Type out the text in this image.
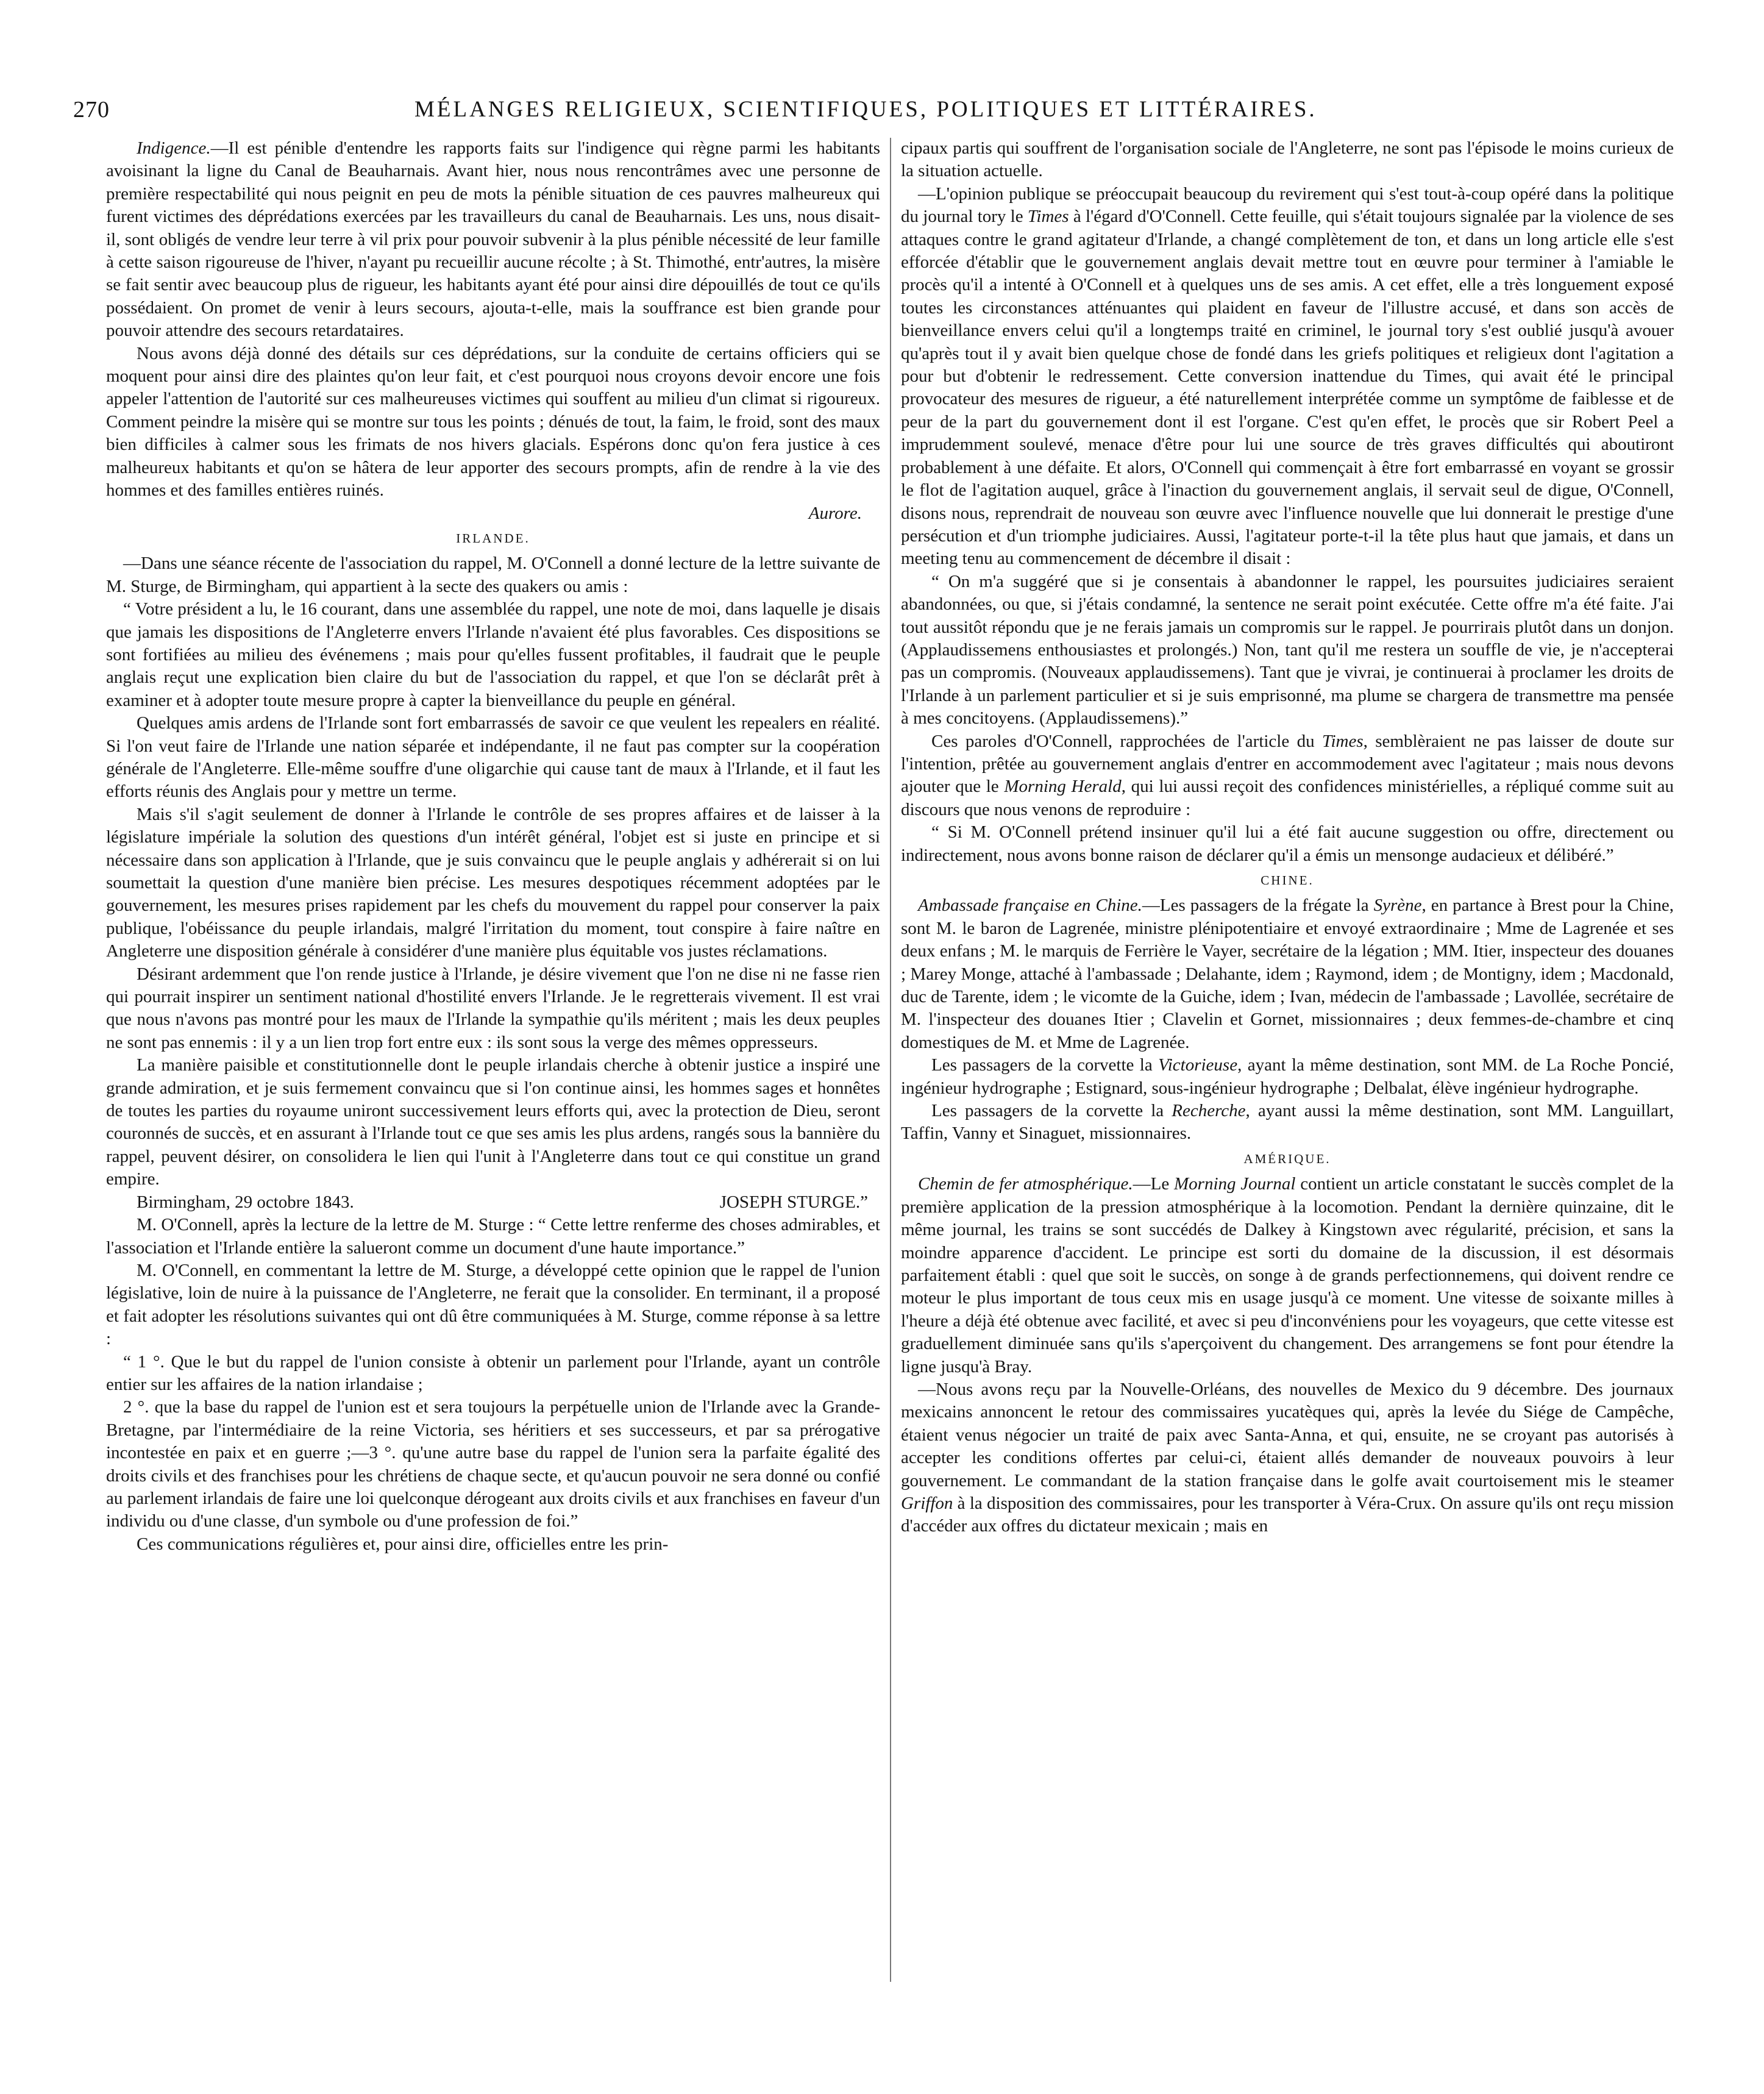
270	MÉLANGES RELIGIEUX, SCIENTIFIQUES, POLITIQUES ET LITTÉRAIRES.

Indigence.—Il est pénible d'entendre les rapports faits sur l'indigence qui règne parmi les habitants avoisinant la ligne du Canal de Beauharnais. Avant hier, nous nous rencontrâmes avec une personne de première respectabilité qui nous peignit en peu de mots la pénible situation de ces pauvres malheureux qui furent victimes des déprédations exercées par les travailleurs du canal de Beauharnais. Les uns, nous disait-il, sont obligés de vendre leur terre à vil prix pour pouvoir subvenir à la plus pénible nécessité de leur famille à cette saison rigoureuse de l'hiver, n'ayant pu recueillir aucune récolte ; à St. Thimothé, entr'autres, la misère se fait sentir avec beaucoup plus de rigueur, les habitants ayant été pour ainsi dire dépouillés de tout ce qu'ils possédaient. On promet de venir à leurs secours, ajouta-t-elle, mais la souffrance est bien grande pour pouvoir attendre des secours retardataires.

Nous avons déjà donné des détails sur ces déprédations, sur la conduite de certains officiers qui se moquent pour ainsi dire des plaintes qu'on leur fait, et c'est pourquoi nous croyons devoir encore une fois appeler l'attention de l'autorité sur ces malheureuses victimes qui souffent au milieu d'un climat si rigoureux. Comment peindre la misère qui se montre sur tous les points ; dénués de tout, la faim, le froid, sont des maux bien difficiles à calmer sous les frimats de nos hivers glacials. Espérons donc qu'on fera justice à ces malheureux habitants et qu'on se hâtera de leur apporter des secours prompts, afin de rendre à la vie des hommes et des familles entières ruinés.

Aurore.
IRLANDE.

—Dans une séance récente de l'association du rappel, M. O'Connell a donné lecture de la lettre suivante de M. Sturge, de Birmingham, qui appartient à la secte des quakers ou amis :

“ Votre président a lu, le 16 courant, dans une assemblée du rappel, une note de moi, dans laquelle je disais que jamais les dispositions de l'Angleterre envers l'Irlande n'avaient été plus favorables. Ces dispositions se sont fortifiées au milieu des événemens ; mais pour qu'elles fussent profitables, il faudrait que le peuple anglais reçut une explication bien claire du but de l'association du rappel, et que l'on se déclarât prêt à examiner et à adopter toute mesure propre à capter la bienveillance du peuple en général.

Quelques amis ardens de l'Irlande sont fort embarrassés de savoir ce que veulent les repealers en réalité. Si l'on veut faire de l'Irlande une nation séparée et indépendante, il ne faut pas compter sur la coopération générale de l'Angleterre. Elle-même souffre d'une oligarchie qui cause tant de maux à l'Irlande, et il faut les efforts réunis des Anglais pour y mettre un terme.

Mais s'il s'agit seulement de donner à l'Irlande le contrôle de ses propres affaires et de laisser à la législature impériale la solution des questions d'un intérêt général, l'objet est si juste en principe et si nécessaire dans son application à l'Irlande, que je suis convaincu que le peuple anglais y adhérerait si on lui soumettait la question d'une manière bien précise. Les mesures despotiques récemment adoptées par le gouvernement, les mesures prises rapidement par les chefs du mouvement du rappel pour conserver la paix publique, l'obéissance du peuple irlandais, malgré l'irritation du moment, tout conspire à faire naître en Angleterre une disposition générale à considérer d'une manière plus équitable vos justes réclamations.

Désirant ardemment que l'on rende justice à l'Irlande, je désire vivement que l'on ne dise ni ne fasse rien qui pourrait inspirer un sentiment national d'hostilité envers l'Irlande. Je le regretterais vivement. Il est vrai que nous n'avons pas montré pour les maux de l'Irlande la sympathie qu'ils méritent ; mais les deux peuples ne sont pas ennemis : il y a un lien trop fort entre eux : ils sont sous la verge des mêmes oppresseurs.

La manière paisible et constitutionnelle dont le peuple irlandais cherche à obtenir justice a inspiré une grande admiration, et je suis fermement convaincu que si l'on continue ainsi, les hommes sages et honnêtes de toutes les parties du royaume uniront successivement leurs efforts qui, avec la protection de Dieu, seront couronnés de succès, et en assurant à l'Irlande tout ce que ses amis les plus ardens, rangés sous la bannière du rappel, peuvent désirer, on consolidera le lien qui l'unit à l'Angleterre dans tout ce qui constitue un grand empire.

Birmingham, 29 octobre 1843.	JOSEPH STURGE.”

M. O'Connell, après la lecture de la lettre de M. Sturge : “ Cette lettre renferme des choses admirables, et l'association et l'Irlande entière la salueront comme un document d'une haute importance.”

M. O'Connell, en commentant la lettre de M. Sturge, a développé cette opinion que le rappel de l'union législative, loin de nuire à la puissance de l'Angleterre, ne ferait que la consolider. En terminant, il a proposé et fait adopter les résolutions suivantes qui ont dû être communiquées à M. Sturge, comme réponse à sa lettre :

“ 1 °. Que le but du rappel de l'union consiste à obtenir un parlement pour l'Irlande, ayant un contrôle entier sur les affaires de la nation irlandaise ;

2 °. que la base du rappel de l'union est et sera toujours la perpétuelle union de l'Irlande avec la Grande-Bretagne, par l'intermédiaire de la reine Victoria, ses héritiers et ses successeurs, et par sa prérogative incontestée en paix et en guerre ;—3 °. qu'une autre base du rappel de l'union sera la parfaite égalité des droits civils et des franchises pour les chrétiens de chaque secte, et qu'aucun pouvoir ne sera donné ou confié au parlement irlandais de faire une loi quelconque dérogeant aux droits civils et aux franchises en faveur d'un individu ou d'une classe, d'un symbole ou d'une profession de foi.”

Ces communications régulières et, pour ainsi dire, officielles entre les prin-

cipaux partis qui souffrent de l'organisation sociale de l'Angleterre, ne sont pas l'épisode le moins curieux de la situation actuelle.

—L'opinion publique se préoccupait beaucoup du revirement qui s'est tout-à-coup opéré dans la politique du journal tory le Times à l'égard d'O'Connell. Cette feuille, qui s'était toujours signalée par la violence de ses attaques contre le grand agitateur d'Irlande, a changé complètement de ton, et dans un long article elle s'est efforcée d'établir que le gouvernement anglais devait mettre tout en œuvre pour terminer à l'amiable le procès qu'il a intenté à O'Connell et à quelques uns de ses amis. A cet effet, elle a très longuement exposé toutes les circonstances atténuantes qui plaident en faveur de l'illustre accusé, et dans son accès de bienveillance envers celui qu'il a longtemps traité en criminel, le journal tory s'est oublié jusqu'à avouer qu'après tout il y avait bien quelque chose de fondé dans les griefs politiques et religieux dont l'agitation a pour but d'obtenir le redressement. Cette conversion inattendue du Times, qui avait été le principal provocateur des mesures de rigueur, a été naturellement interprétée comme un symptôme de faiblesse et de peur de la part du gouvernement dont il est l'organe. C'est qu'en effet, le procès que sir Robert Peel a imprudemment soulevé, menace d'être pour lui une source de très graves difficultés qui aboutiront probablement à une défaite. Et alors, O'Connell qui commençait à être fort embarrassé en voyant se grossir le flot de l'agitation auquel, grâce à l'inaction du gouvernement anglais, il servait seul de digue, O'Connell, disons nous, reprendrait de nouveau son œuvre avec l'influence nouvelle que lui donnerait le prestige d'une persécution et d'un triomphe judiciaires. Aussi, l'agitateur porte-t-il la tête plus haut que jamais, et dans un meeting tenu au commencement de décembre il disait :

“ On m'a suggéré que si je consentais à abandonner le rappel, les poursuites judiciaires seraient abandonnées, ou que, si j'étais condamné, la sentence ne serait point exécutée. Cette offre m'a été faite. J'ai tout aussitôt répondu que je ne ferais jamais un compromis sur le rappel. Je pourrirais plutôt dans un donjon. (Applaudissemens enthousiastes et prolongés.) Non, tant qu'il me restera un souffle de vie, je n'accepterai pas un compromis. (Nouveaux applaudissemens). Tant que je vivrai, je continuerai à proclamer les droits de l'Irlande à un parlement particulier et si je suis emprisonné, ma plume se chargera de transmettre ma pensée à mes concitoyens. (Applaudissemens).”

Ces paroles d'O'Connell, rapprochées de l'article du Times, semblèraient ne pas laisser de doute sur l'intention, prêtée au gouvernement anglais d'entrer en accommodement avec l'agitateur ; mais nous devons ajouter que le Morning Herald, qui lui aussi reçoit des confidences ministérielles, a répliqué comme suit au discours que nous venons de reproduire :

“ Si M. O'Connell prétend insinuer qu'il lui a été fait aucune suggestion ou offre, directement ou indirectement, nous avons bonne raison de déclarer qu'il a émis un mensonge audacieux et délibéré.”

CHINE.

Ambassade française en Chine.—Les passagers de la frégate la Syrène, en partance à Brest pour la Chine, sont M. le baron de Lagrenée, ministre plénipotentiaire et envoyé extraordinaire ; Mme de Lagrenée et ses deux enfans ; M. le marquis de Ferrière le Vayer, secrétaire de la légation ; MM. Itier, inspecteur des douanes ; Marey Monge, attaché à l'ambassade ; Delahante, idem ; Raymond, idem ; de Montigny, idem ; Macdonald, duc de Tarente, idem ; le vicomte de la Guiche, idem ; Ivan, médecin de l'ambassade ; Lavollée, secrétaire de M. l'inspecteur des douanes Itier ; Clavelin et Gornet, missionnaires ; deux femmes-de-chambre et cinq domestiques de M. et Mme de Lagrenée.

Les passagers de la corvette la Victorieuse, ayant la même destination, sont MM. de La Roche Poncié, ingénieur hydrographe ; Estignard, sous-ingénieur hydrographe ; Delbalat, élève ingénieur hydrographe.

Les passagers de la corvette la Recherche, ayant aussi la même destination, sont MM. Languillart, Taffin, Vanny et Sinaguet, missionnaires.

AMÉRIQUE.

Chemin de fer atmosphérique.—Le Morning Journal contient un article constatant le succès complet de la première application de la pression atmosphérique à la locomotion. Pendant la dernière quinzaine, dit le même journal, les trains se sont succédés de Dalkey à Kingstown avec régularité, précision, et sans la moindre apparence d'accident. Le principe est sorti du domaine de la discussion, il est désormais parfaitement établi : quel que soit le succès, on songe à de grands perfectionnemens, qui doivent rendre ce moteur le plus important de tous ceux mis en usage jusqu'à ce moment. Une vitesse de soixante milles à l'heure a déjà été obtenue avec facilité, et avec si peu d'inconvéniens pour les voyageurs, que cette vitesse est graduellement diminuée sans qu'ils s'aperçoivent du changement. Des arrangemens se font pour étendre la ligne jusqu'à Bray.

—Nous avons reçu par la Nouvelle-Orléans, des nouvelles de Mexico du 9 décembre. Des journaux mexicains annoncent le retour des commissaires yucatèques qui, après la levée du Siége de Campêche, étaient venus négocier un traité de paix avec Santa-Anna, et qui, ensuite, ne se croyant pas autorisés à accepter les conditions offertes par celui-ci, étaient allés demander de nouveaux pouvoirs à leur gouvernement. Le commandant de la station française dans le golfe avait courtoisement mis le steamer Griffon à la disposition des commissaires, pour les transporter à Véra-Crux. On assure qu'ils ont reçu mission d'accéder aux offres du dictateur mexicain ; mais en
